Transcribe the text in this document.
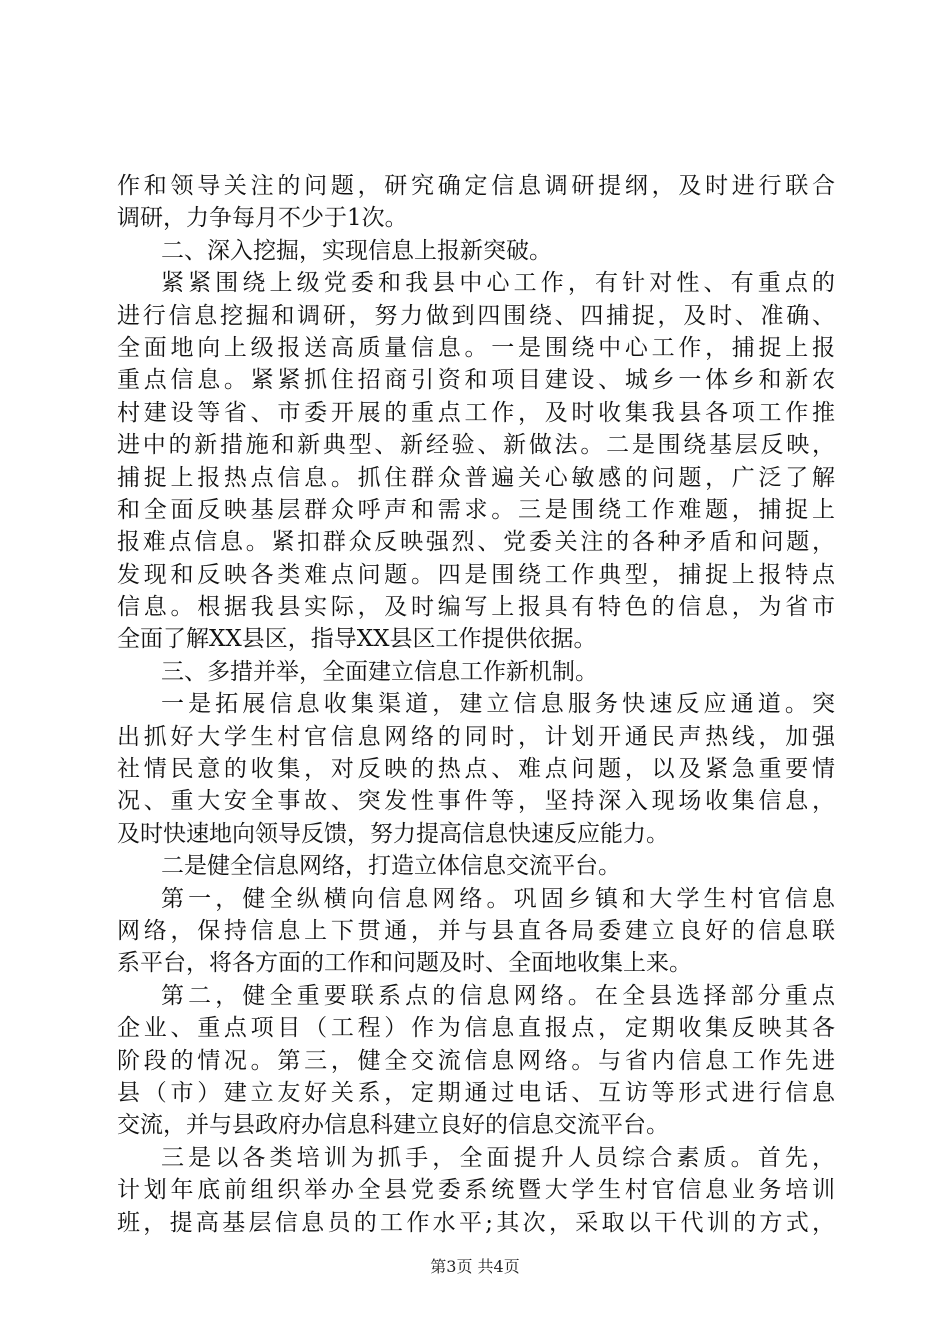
作和领导关注的问题，研究确定信息调研提纲，及时进行联合
调研，力争每月不少于1次。
二、深入挖掘，实现信息上报新突破。
紧紧围绕上级党委和我县中心工作，有针对性、有重点的
进行信息挖掘和调研，努力做到四围绕、四捕捉，及时、准确、
全面地向上级报送高质量信息。一是围绕中心工作，捕捉上报
重点信息。紧紧抓住招商引资和项目建设、城乡一体乡和新农
村建设等省、市委开展的重点工作，及时收集我县各项工作推
进中的新措施和新典型、新经验、新做法。二是围绕基层反映，
捕捉上报热点信息。抓住群众普遍关心敏感的问题，广泛了解
和全面反映基层群众呼声和需求。三是围绕工作难题，捕捉上
报难点信息。紧扣群众反映强烈、党委关注的各种矛盾和问题，
发现和反映各类难点问题。四是围绕工作典型，捕捉上报特点
信息。根据我县实际，及时编写上报具有特色的信息，为省市
全面了解XX县区，指导XX县区工作提供依据。
三、多措并举，全面建立信息工作新机制。
一是拓展信息收集渠道，建立信息服务快速反应通道。突
出抓好大学生村官信息网络的同时，计划开通民声热线，加强
社情民意的收集，对反映的热点、难点问题，以及紧急重要情
况、重大安全事故、突发性事件等，坚持深入现场收集信息，
及时快速地向领导反馈，努力提高信息快速反应能力。
二是健全信息网络，打造立体信息交流平台。
第一，健全纵横向信息网络。巩固乡镇和大学生村官信息
网络，保持信息上下贯通，并与县直各局委建立良好的信息联
系平台，将各方面的工作和问题及时、全面地收集上来。
第二，健全重要联系点的信息网络。在全县选择部分重点
企业、重点项目（工程）作为信息直报点，定期收集反映其各
阶段的情况。第三，健全交流信息网络。与省内信息工作先进
县（市）建立友好关系，定期通过电话、互访等形式进行信息
交流，并与县政府办信息科建立良好的信息交流平台。
三是以各类培训为抓手，全面提升人员综合素质。首先，
计划年底前组织举办全县党委系统暨大学生村官信息业务培训
班，提高基层信息员的工作水平;其次，采取以干代训的方式，
第3页 共4页
